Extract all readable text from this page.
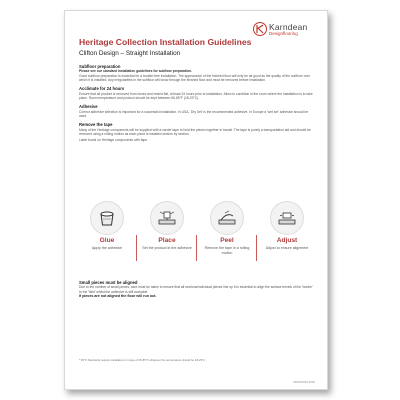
Karndean
Designflooring
Heritage Collection Installation Guidelines
Clifton Design – Straight Installation
Subfloor preparation
Please see our standard installation guidelines for subfloor preparation.
Good subfloor preparation is essential for a trouble-free installation. The appearance of the finished floor will only be as good as the quality of the subfloor over which it is installed. Any irregularities in the subfloor will show through the finished floor and must be removed before installation.
Acclimate for 24 hours
Ensure that all product is removed from boxes and rested flat, at least 24 hours prior to installation. Allow to condition in the room where the installation is to take place. Room temperature and product should be kept between 65-85°F (18-29°C).
Adhesive
Correct adhesive selection is important for a successful installation. In USA, 'Dry Set' is the recommended adhesive. In Europe a 'wet set' adhesive should be used.
Remove the tape
Many of the Heritage components will be supplied with a carrier tape to hold the pieces together in transit. The tape is purely a transportation aid and should be removed using a rolling motion as each piece is installed section by section.
Label found on Heritage components with tape
Glue
Apply the adhesive
Place
Set the product in the adhesive
Peel
Remove the tape in a rolling motion
Adjust
Adjust to ensure alignment
Small pieces must be aligned
Due to the number of small pieces, care must be taken to ensure that all sections/individual pieces line up it is essential to align the surface bevels of the 'border' to the 'field' whilst the adhesive is still workable.
If pieces are not aligned the floor will run out.
* 65°F Standards require installation in range of 65-85°F whatever the temperature should be 18-29°C.
#####/#### ####
